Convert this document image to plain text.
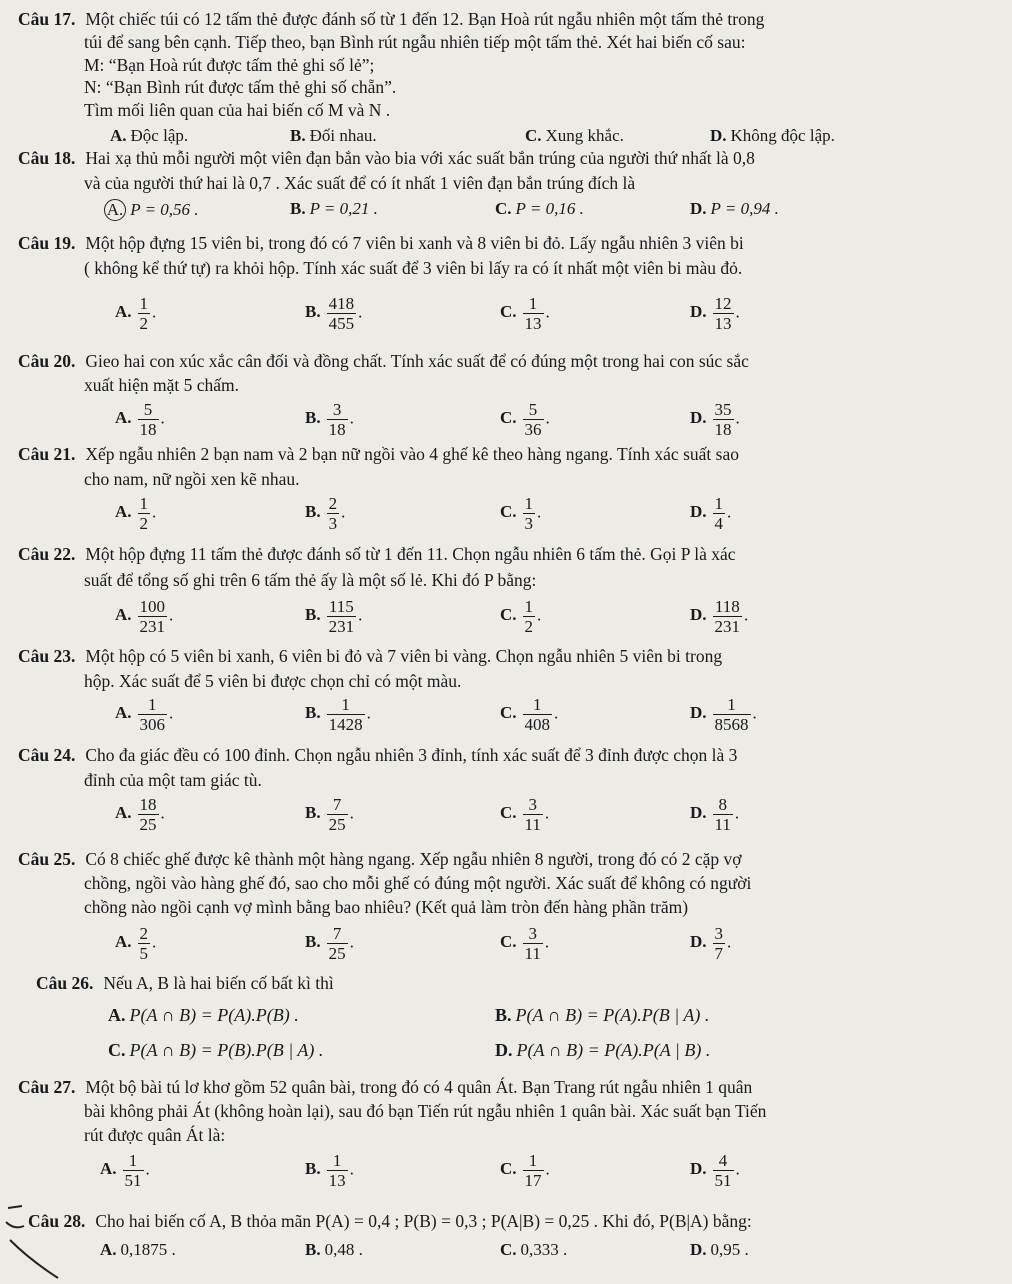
Câu 17. Một chiếc túi có 12 tấm thẻ được đánh số từ 1 đến 12. Bạn Hoà rút ngẫu nhiên một tấm thẻ trong
túi để sang bên cạnh. Tiếp theo, bạn Bình rút ngẫu nhiên tiếp một tấm thẻ. Xét hai biến cố sau:
M: “Bạn Hoà rút được tấm thẻ ghi số lẻ”;
N: “Bạn Bình rút được tấm thẻ ghi số chẵn”.
Tìm mối liên quan của hai biến cố M và N .
A. Độc lập.	B. Đối nhau.	C. Xung khắc.	D. Không độc lập.
Câu 18. Hai xạ thủ mỗi người một viên đạn bắn vào bia với xác suất bắn trúng của người thứ nhất là 0,8
và của người thứ hai là 0,7 . Xác suất để có ít nhất 1 viên đạn bắn trúng đích là
A. P = 0,56 .	B. P = 0,21 .	C. P = 0,16 .	D. P = 0,94 .
Câu 19. Một hộp đựng 15 viên bi, trong đó có 7 viên bi xanh và 8 viên bi đỏ. Lấy ngẫu nhiên 3 viên bi
( không kể thứ tự) ra khỏi hộp. Tính xác suất để 3 viên bi lấy ra có ít nhất một viên bi màu đỏ.
A. $\frac{1}{2}$ .	B. $\frac{418}{455}$ .	C. $\frac{1}{13}$ .	D. $\frac{12}{13}$ .
Câu 20. Gieo hai con xúc xắc cân đối và đồng chất. Tính xác suất để có đúng một trong hai con súc sắc
xuất hiện mặt 5 chấm.
A. $\frac{5}{18}$ .	B. $\frac{3}{18}$ .	C. $\frac{5}{36}$ .	D. $\frac{35}{18}$ .
Câu 21. Xếp ngẫu nhiên 2 bạn nam và 2 bạn nữ ngồi vào 4 ghế kê theo hàng ngang. Tính xác suất sao
cho nam, nữ ngồi xen kẽ nhau.
A. $\frac{1}{2}$ .	B. $\frac{2}{3}$ .	C. $\frac{1}{3}$ .	D. $\frac{1}{4}$ .
Câu 22. Một hộp đựng 11 tấm thẻ được đánh số từ 1 đến 11. Chọn ngẫu nhiên 6 tấm thẻ. Gọi P là xác
suất để tổng số ghi trên 6 tấm thẻ ấy là một số lẻ. Khi đó P bằng:
A. $\frac{100}{231}$ .	B. $\frac{115}{231}$ .	C. $\frac{1}{2}$ .	D. $\frac{118}{231}$ .
Câu 23. Một hộp có 5 viên bi xanh, 6 viên bi đỏ và 7 viên bi vàng. Chọn ngẫu nhiên 5 viên bi trong
hộp. Xác suất để 5 viên bi được chọn chỉ có một màu.
A. $\frac{1}{306}$ .	B. $\frac{1}{1428}$ .	C. $\frac{1}{408}$ .	D. $\frac{1}{8568}$ .
Câu 24. Cho đa giác đều có 100 đỉnh. Chọn ngẫu nhiên 3 đỉnh, tính xác suất để 3 đỉnh được chọn là 3
đỉnh của một tam giác tù.
A. $\frac{18}{25}$ .	B. $\frac{7}{25}$ .	C. $\frac{3}{11}$ .	D. $\frac{8}{11}$ .
Câu 25. Có 8 chiếc ghế được kê thành một hàng ngang. Xếp ngẫu nhiên 8 người, trong đó có 2 cặp vợ
chồng, ngồi vào hàng ghế đó, sao cho mỗi ghế có đúng một người. Xác suất để không có người
chồng nào ngồi cạnh vợ mình bằng bao nhiêu? (Kết quả làm tròn đến hàng phần trăm)
A. $\frac{2}{5}$ .	B. $\frac{7}{25}$ .	C. $\frac{3}{11}$ .	D. $\frac{3}{7}$ .
Câu 26. Nếu A, B là hai biến cố bất kì thì
A. P(A ∩ B) = P(A).P(B) .	B. P(A ∩ B) = P(A).P(B | A) .
C. P(A ∩ B) = P(B).P(B | A) .	D. P(A ∩ B) = P(A).P(A | B) .
Câu 27. Một bộ bài tú lơ khơ gồm 52 quân bài, trong đó có 4 quân Át. Bạn Trang rút ngẫu nhiên 1 quân
bài không phải Át (không hoàn lại), sau đó bạn Tiến rút ngẫu nhiên 1 quân bài. Xác suất bạn Tiến
rút được quân Át là:
A. $\frac{1}{51}$ .	B. $\frac{1}{13}$ .	C. $\frac{1}{17}$ .	D. $\frac{4}{51}$ .
Câu 28. Cho hai biến cố A, B thỏa mãn P(A) = 0,4 ; P(B) = 0,3 ; P(A|B) = 0,25 . Khi đó, P(B|A) bằng:
A. 0,1875 .	B. 0,48 .	C. 0,333 .	D. 0,95 .
